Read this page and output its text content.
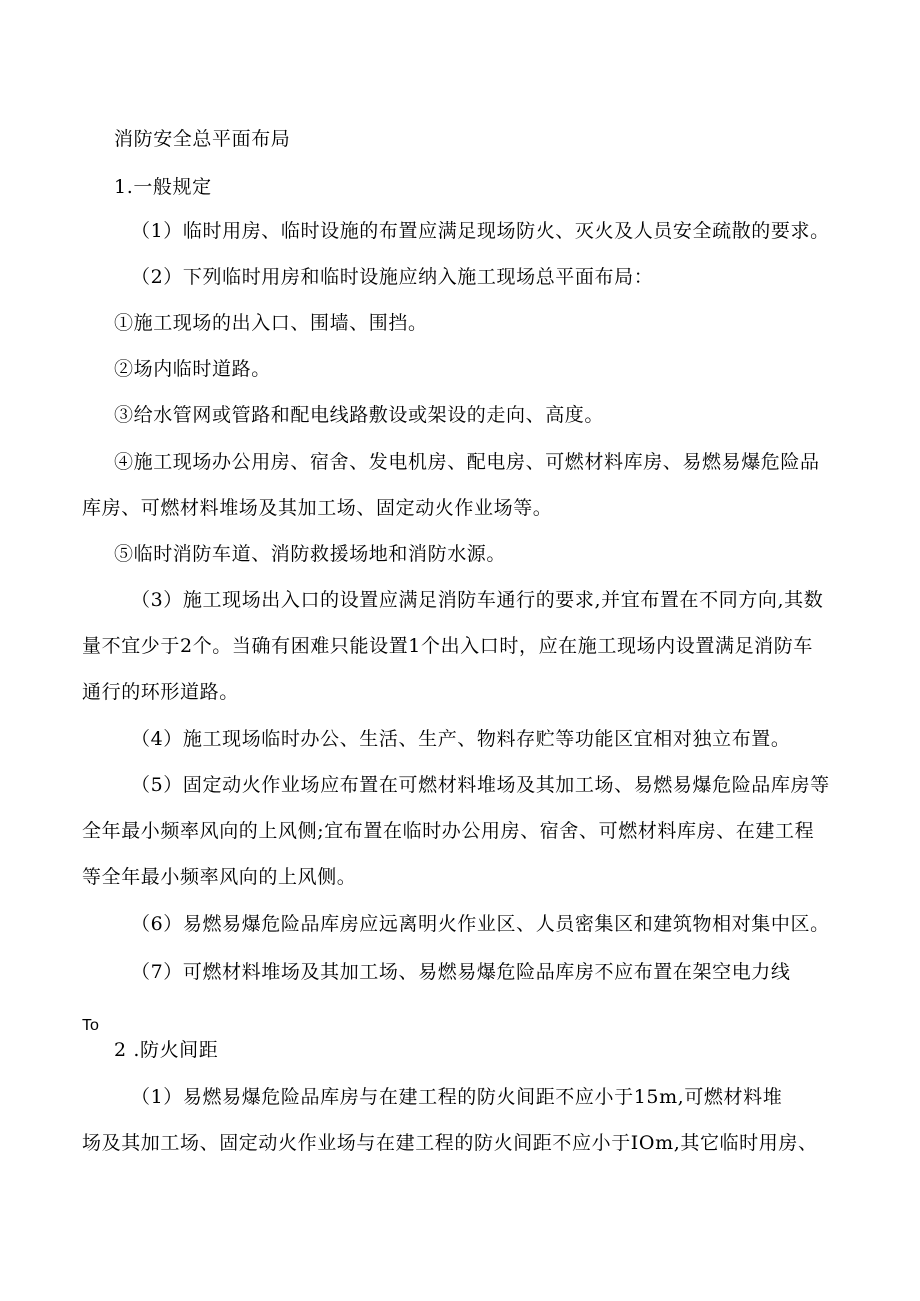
消防安全总平面布局
1.一般规定
（1）临时用房、临时设施的布置应满足现场防火、灭火及人员安全疏散的要求。
（2）下列临时用房和临时设施应纳入施工现场总平面布局：
①施工现场的出入口、围墙、围挡。
②场内临时道路。
③给水管网或管路和配电线路敷设或架设的走向、高度。
④施工现场办公用房、宿舍、发电机房、配电房、可燃材料库房、易燃易爆危险品
库房、可燃材料堆场及其加工场、固定动火作业场等。
⑤临时消防车道、消防救援场地和消防水源。
（3）施工现场出入口的设置应满足消防车通行的要求,并宜布置在不同方向,其数
量不宜少于2个。当确有困难只能设置1个出入口时，应在施工现场内设置满足消防车
通行的环形道路。
（4）施工现场临时办公、生活、生产、物料存贮等功能区宜相对独立布置。
（5）固定动火作业场应布置在可燃材料堆场及其加工场、易燃易爆危险品库房等
全年最小频率风向的上风侧;宜布置在临时办公用房、宿舍、可燃材料库房、在建工程
等全年最小频率风向的上风侧。
（6）易燃易爆危险品库房应远离明火作业区、人员密集区和建筑物相对集中区。
（7）可燃材料堆场及其加工场、易燃易爆危险品库房不应布置在架空电力线
To
2 .防火间距
（1）易燃易爆危险品库房与在建工程的防火间距不应小于15m,可燃材料堆
场及其加工场、固定动火作业场与在建工程的防火间距不应小于IOm,其它临时用房、
